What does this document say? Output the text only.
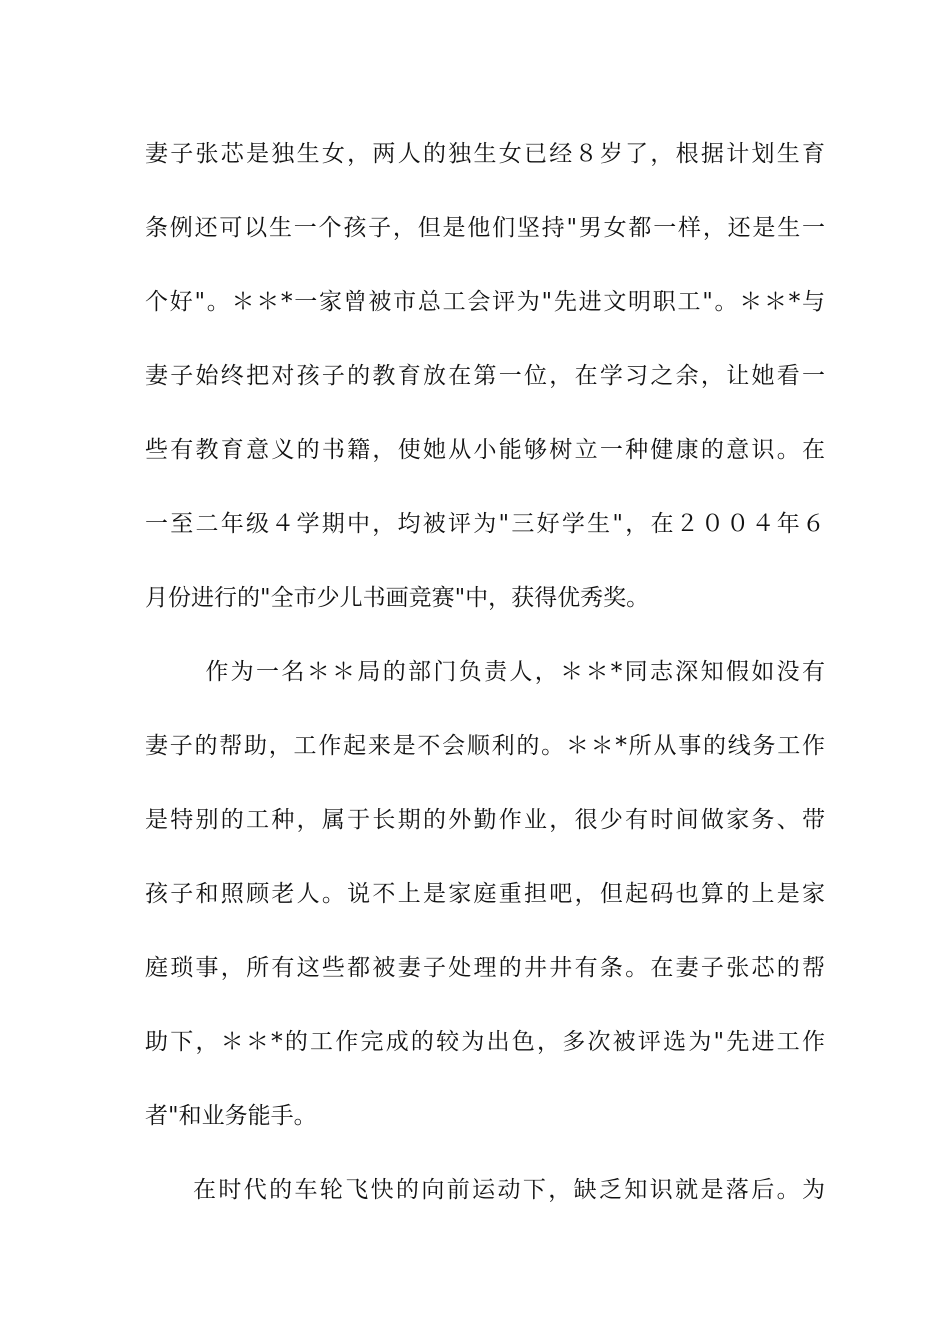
妻子张芯是独生女，两人的独生女已经８岁了，根据计划生育
条例还可以生一个孩子，但是他们坚持"男女都一样，还是生一
个好"。＊＊*一家曾被市总工会评为"先进文明职工"。＊＊*与
妻子始终把对孩子的教育放在第一位，在学习之余，让她看一
些有教育意义的书籍，使她从小能够树立一种健康的意识。在
一至二年级４学期中，均被评为"三好学生"，在２００４年６
月份进行的"全市少儿书画竞赛"中，获得优秀奖。
　作为一名＊＊局的部门负责人，＊＊*同志深知假如没有
妻子的帮助，工作起来是不会顺利的。＊＊*所从事的线务工作
是特别的工种，属于长期的外勤作业，很少有时间做家务、带
孩子和照顾老人。说不上是家庭重担吧，但起码也算的上是家
庭琐事，所有这些都被妻子处理的井井有条。在妻子张芯的帮
助下，＊＊*的工作完成的较为出色，多次被评选为"先进工作
者"和业务能手。
在时代的车轮飞快的向前运动下，缺乏知识就是落后。为
